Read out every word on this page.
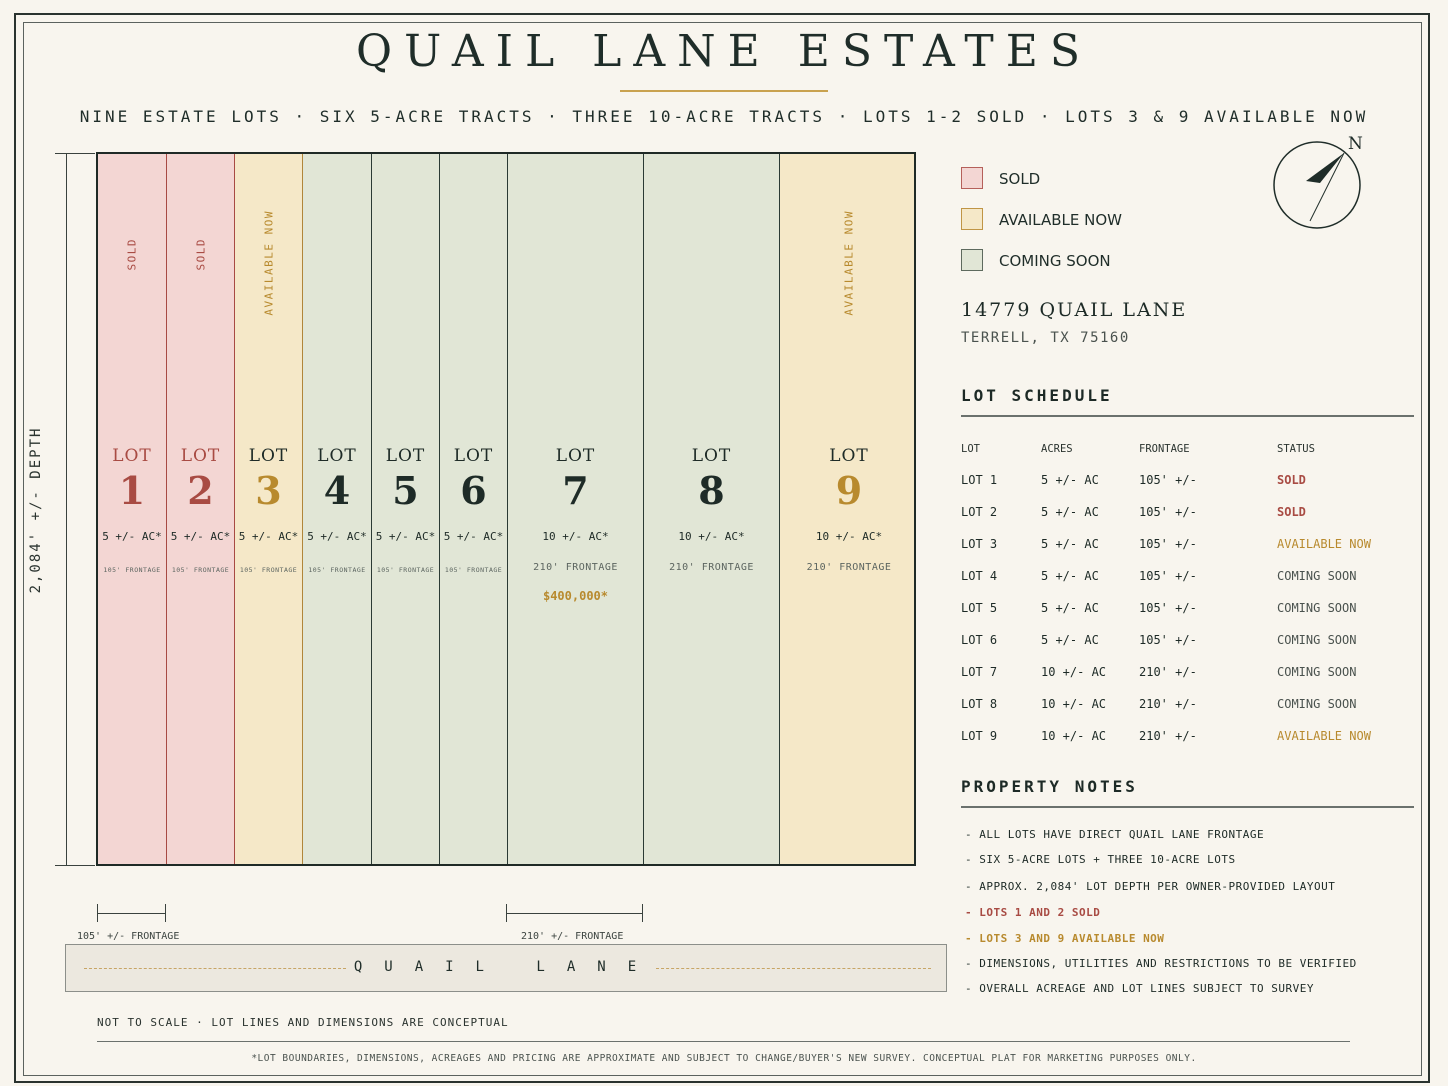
QUAIL LANE ESTATES
NINE ESTATE LOTS · SIX 5-ACRE TRACTS · THREE 10-ACRE TRACTS · LOTS 1-2 SOLD · LOTS 3 & 9 AVAILABLE NOW
2,084' +/- DEPTH
SOLD
LOT
1
5 +/- AC*
105' FRONTAGE
SOLD
LOT
2
5 +/- AC*
105' FRONTAGE
AVAILABLE NOW
LOT
3
5 +/- AC*
105' FRONTAGE
LOT
4
5 +/- AC*
105' FRONTAGE
LOT
5
5 +/- AC*
105' FRONTAGE
LOT
6
5 +/- AC*
105' FRONTAGE
LOT
7
10 +/- AC*
210' FRONTAGE
$400,000*
LOT
8
10 +/- AC*
210' FRONTAGE
AVAILABLE NOW
LOT
9
10 +/- AC*
210' FRONTAGE
105' +/- FRONTAGE	210' +/- FRONTAGE
QUAIL LANE
NOT TO SCALE · LOT LINES AND DIMENSIONS ARE CONCEPTUAL
*LOT BOUNDARIES, DIMENSIONS, ACREAGES AND PRICING ARE APPROXIMATE AND SUBJECT TO CHANGE/BUYER'S NEW SURVEY. CONCEPTUAL PLAT FOR MARKETING PURPOSES ONLY.
SOLD
AVAILABLE NOW
COMING SOON
N
14779 QUAIL LANE
TERRELL, TX 75160
LOT SCHEDULE
LOT	ACRES	FRONTAGE	STATUS
LOT 1	5 +/- AC	105' +/-	SOLD
LOT 2	5 +/- AC	105' +/-	SOLD
LOT 3	5 +/- AC	105' +/-	AVAILABLE NOW
LOT 4	5 +/- AC	105' +/-	COMING SOON
LOT 5	5 +/- AC	105' +/-	COMING SOON
LOT 6	5 +/- AC	105' +/-	COMING SOON
LOT 7	10 +/- AC	210' +/-	COMING SOON
LOT 8	10 +/- AC	210' +/-	COMING SOON
LOT 9	10 +/- AC	210' +/-	AVAILABLE NOW
PROPERTY NOTES
- ALL LOTS HAVE DIRECT QUAIL LANE FRONTAGE
- SIX 5-ACRE LOTS + THREE 10-ACRE LOTS
- APPROX. 2,084' LOT DEPTH PER OWNER-PROVIDED LAYOUT
- LOTS 1 AND 2 SOLD
- LOTS 3 AND 9 AVAILABLE NOW
- DIMENSIONS, UTILITIES AND RESTRICTIONS TO BE VERIFIED
- OVERALL ACREAGE AND LOT LINES SUBJECT TO SURVEY
